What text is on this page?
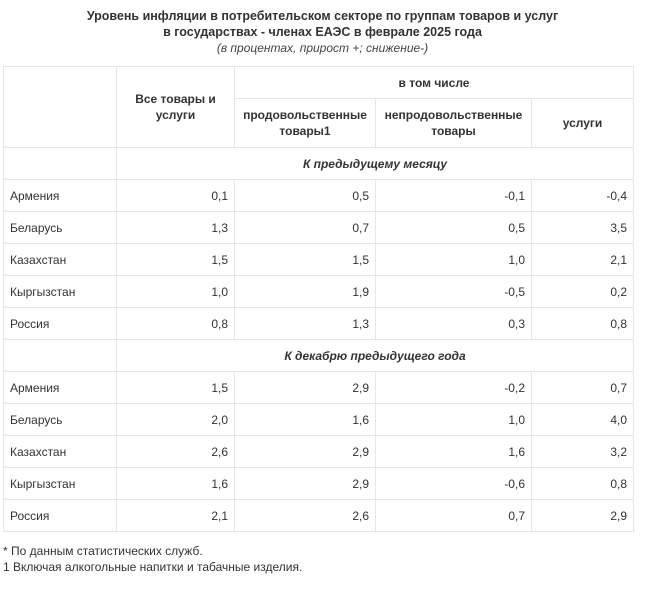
Уровень инфляции в потребительском секторе по группам товаров и услуг
в государствах - членах ЕАЭС в феврале 2025 года
(в процентах, прирост +; снижение-)
	Все товары и услуги	в том числе		
		продовольственные товары1	непродовольственные товары	услуги
	К предыдущему месяцу			
Армения	0,1	0,5	-0,1	-0,4
Беларусь	1,3	0,7	0,5	3,5
Казахстан	1,5	1,5	1,0	2,1
Кыргызстан	1,0	1,9	-0,5	0,2
Россия	0,8	1,3	0,3	0,8
	К декабрю предыдущего года			
Армения	1,5	2,9	-0,2	0,7
Беларусь	2,0	1,6	1,0	4,0
Казахстан	2,6	2,9	1,6	3,2
Кыргызстан	1,6	2,9	-0,6	0,8
Россия	2,1	2,6	0,7	2,9
* По данным статистических служб.
1 Включая алкогольные напитки и табачные изделия.
